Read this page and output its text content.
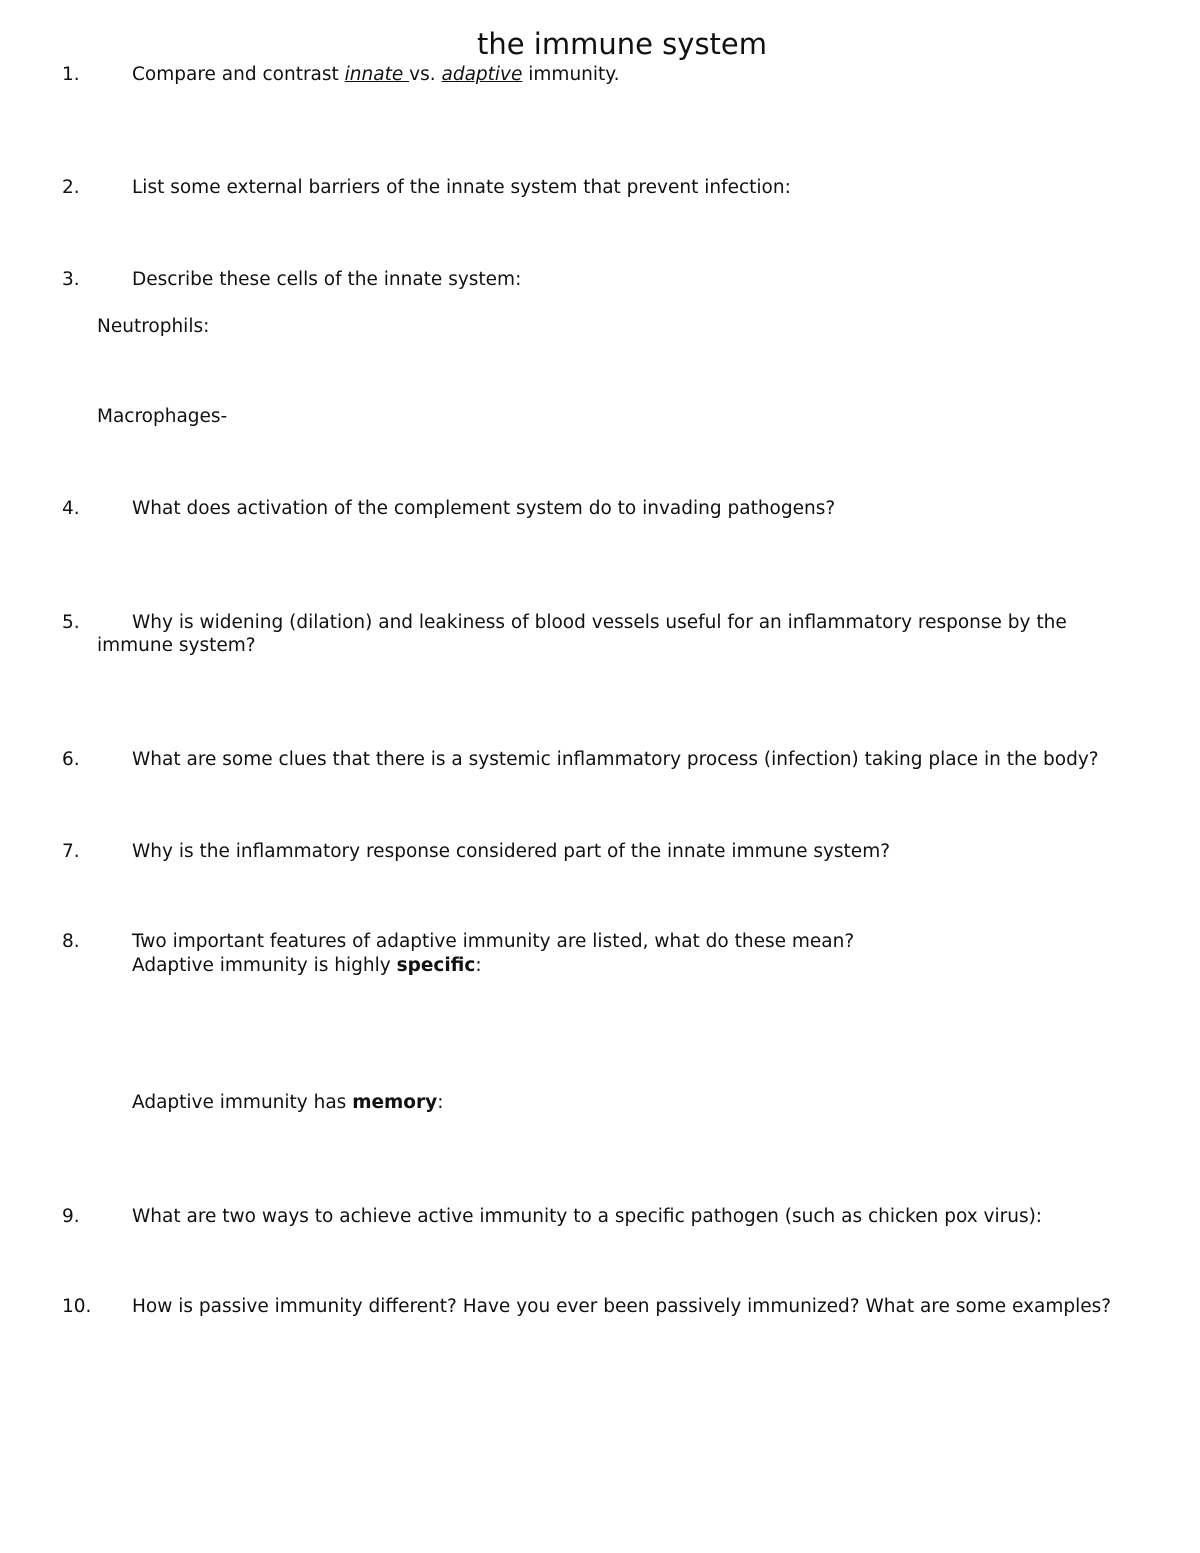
the immune system
1.	Compare and contrast innate vs. adaptive immunity.
2.	List some external barriers of the innate system that prevent infection:
3.	Describe these cells of the innate system:
Neutrophils:
Macrophages-
4.	What does activation of the complement system do to invading pathogens?
5.	Why is widening (dilation) and leakiness of blood vessels useful for an inflammatory response by the
immune system?
6.	What are some clues that there is a systemic inflammatory process (infection) taking place in the body?
7.	Why is the inflammatory response considered part of the innate immune system?
8.	Two important features of adaptive immunity are listed, what do these mean?
Adaptive immunity is highly specific:
Adaptive immunity has memory:
9.	What are two ways to achieve active immunity to a specific pathogen (such as chicken pox virus):
10. How is passive immunity different? Have you ever been passively immunized? What are some examples?
